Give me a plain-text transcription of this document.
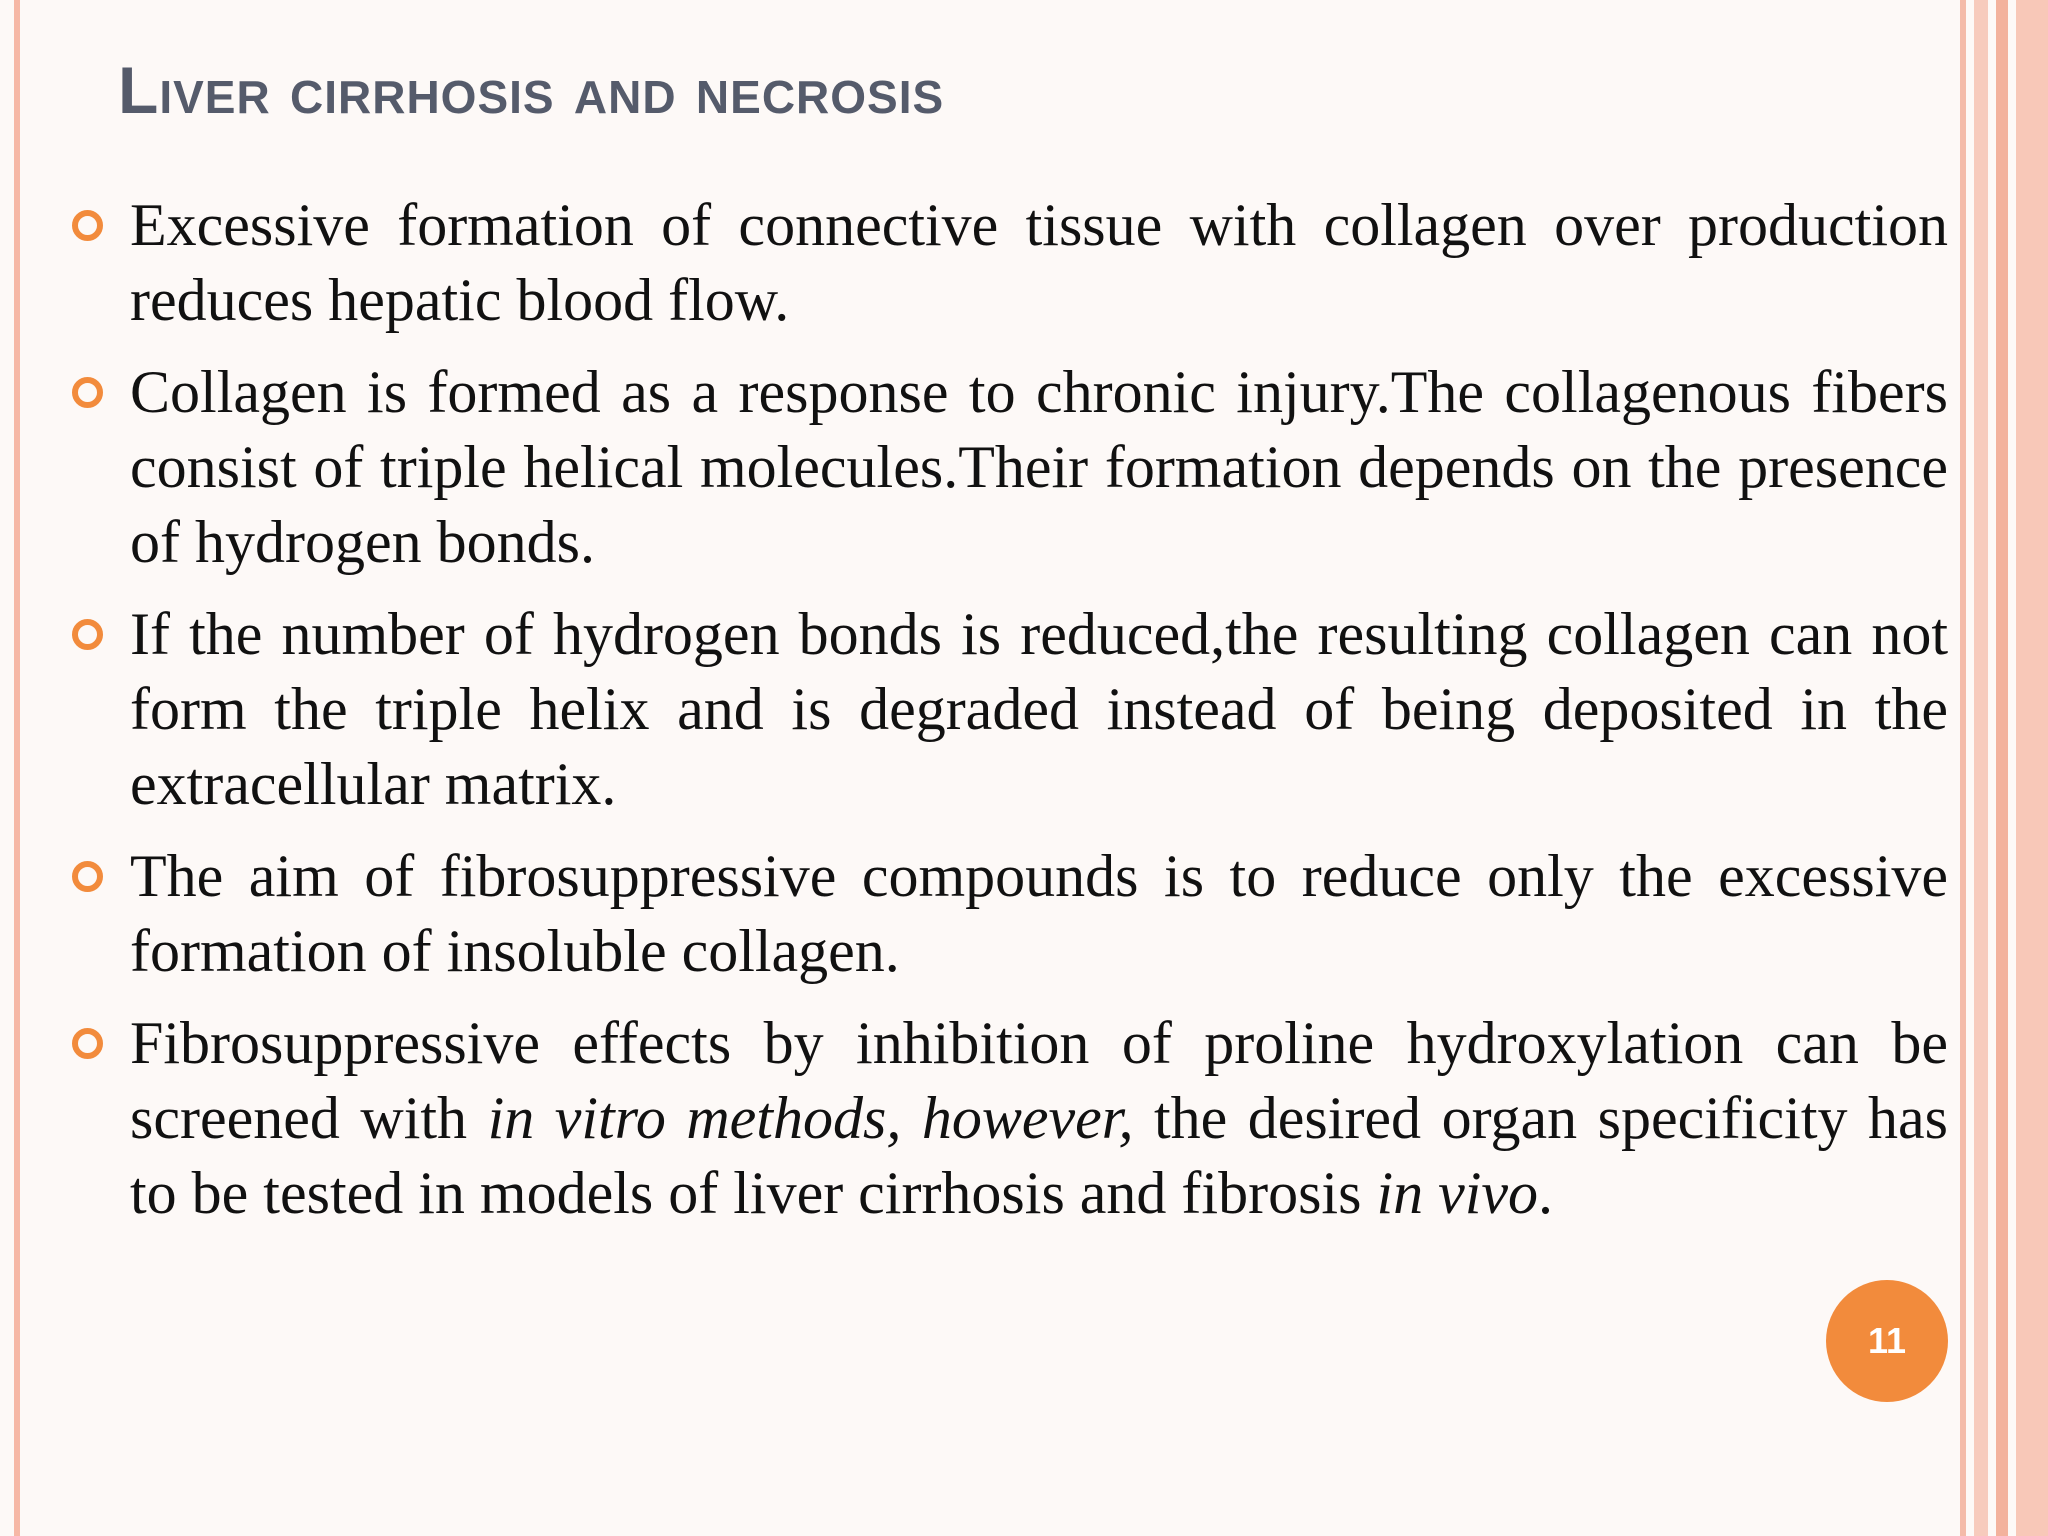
Liver cirrhosis and necrosis
Excessive formation of connective tissue with collagen over production reduces hepatic blood flow.
Collagen is formed as a response to chronic injury.The collagenous fibers consist of triple helical molecules.Their formation depends on the presence of hydrogen bonds.
If the number of hydrogen bonds is reduced,the resulting collagen can not form the triple helix and is degraded instead of being deposited in the extracellular matrix.
The aim of fibrosuppressive compounds is to reduce only the excessive formation of insoluble collagen.
Fibrosuppressive effects by inhibition of proline hydroxylation can be screened with in vitro methods, however, the desired organ specificity has to be tested in models of liver cirrhosis and fibrosis in vivo.
11
